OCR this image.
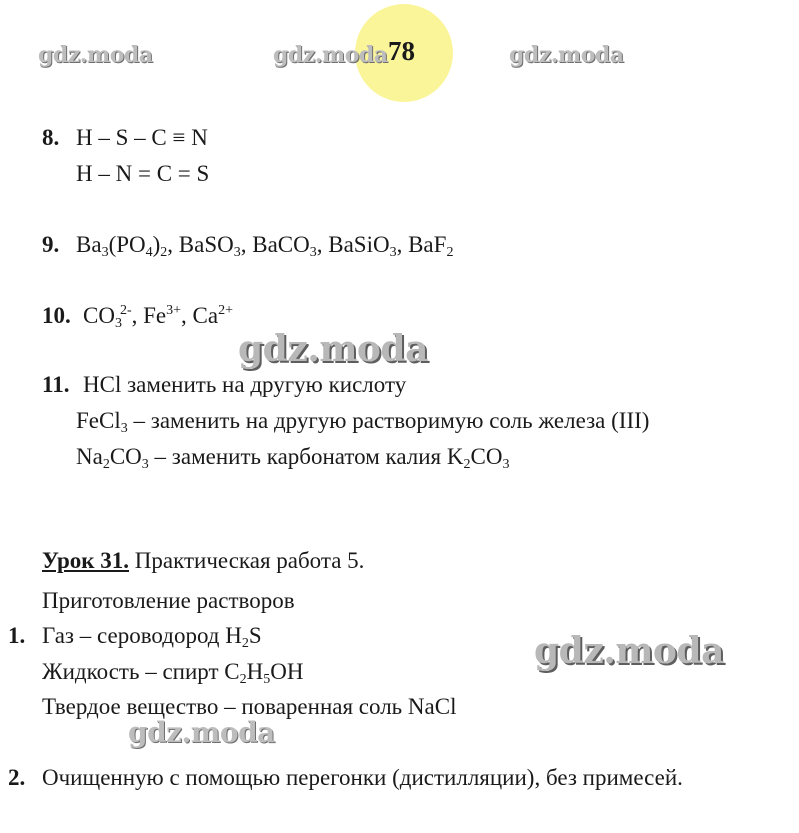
78
gdz.moda	gdz.moda	gdz.moda
8. H – S – C ≡ N
H – N = C = S
9. $Ba_3(PO_4)_2$, BaSO$_3$, BaCO$_3$, BaSiO$_3$, BaF$_2$
10. $CO_3^{2-}$, $Fe^{3+}$, $Ca^{2+}$
gdz.moda
11. HCl заменить на другую кислоту
FeCl$_3$ – заменить на другую растворимую соль железа (III)
$Na_2CO_3$ – заменить карбонатом калия $K_2CO_3$
Урок 31. Практическая работа 5.
Приготовление растворов
1. Газ – сероводород $H_2S$	gdz.moda
Жидкость – спирт $C_2H_5OH$
Твердое вещество – поваренная соль NaCl
gdz.moda
2. Очищенную с помощью перегонки (дистилляции), без примесей.
